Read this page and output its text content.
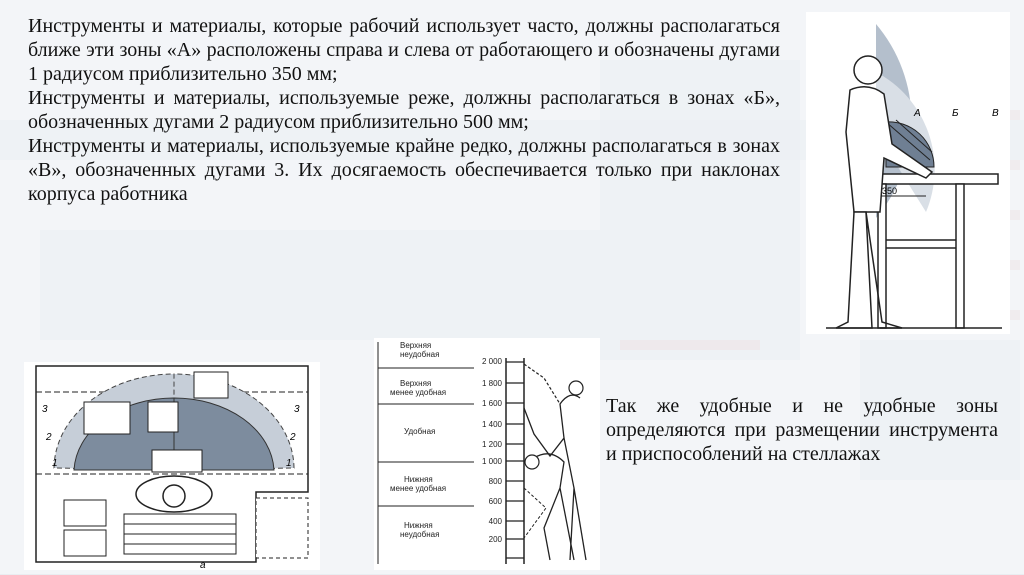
Инструменты и материалы, которые рабочий использует часто, должны располагаться ближе эти зоны «А» расположены справа и слева от работающего и обозначены дугами 1 радиусом приблизительно 350 мм;

Инструменты и материалы, используемые реже, должны располагаться в зонах «Б», обозначенных дугами 2 радиусом приблизительно 500 мм;

Инструменты и материалы, используемые крайне редко, должны располагаться в зонах «В», обозначенных дугами 3. Их досягаемость обеспечивается только при наклонах корпуса работника	350
А	Б	В
3
2
1
3
2
1
а
Верхняя
неудобная
Верхняя
менее удобная
Удобная
Нижняя
менее удобная
Нижняя
неудобная
2 000
1 800
1 600
1 400
1 200
1 000
800
600
400
200

Так же удобные и не удобные зоны определяются при размещении инструмента и приспособлений на стеллажах
